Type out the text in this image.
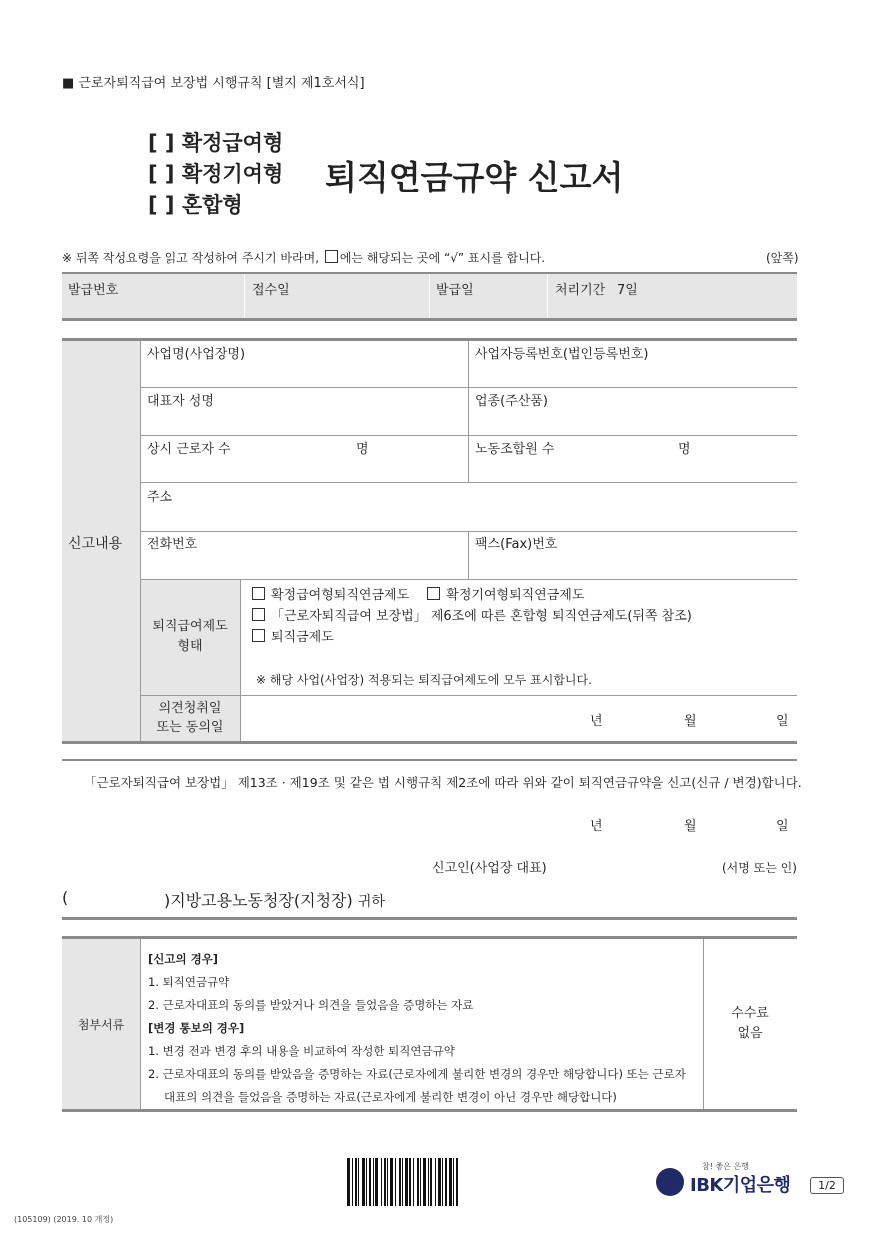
■ 근로자퇴직급여 보장법 시행규칙 [별지 제1호서식]
[ ] 확정급여형
[ ] 확정기여형
[ ] 혼합형
퇴직연금규약 신고서
※ 뒤쪽 작성요령을 읽고 작성하여 주시기 바라며, 에는 해당되는 곳에 “√” 표시를 합니다.	(앞쪽)
발급번호	접수일	발급일	처리기간 7일
신고내용
사업명(사업장명)	사업자등록번호(법인등록번호)
대표자 성명	업종(주산품)
상시 근로자 수	명	노동조합원 수	명
주소
전화번호	팩스(Fax)번호
퇴직급여제도
형태
확정급여형퇴직연금제도	확정기여형퇴직연금제도
「근로자퇴직급여 보장법」 제6조에 따른 혼합형 퇴직연금제도(뒤쪽 참조)
퇴직금제도
※ 해당 사업(사업장) 적용되는 퇴직급여제도에 모두 표시합니다.
의견청취일
또는 동의일	년	월	일
「근로자퇴직급여 보장법」 제13조 · 제19조 및 같은 법 시행규칙 제2조에 따라 위와 같이 퇴직연금규약을 신고(신규 / 변경)합니다.
년	월	일
신고인(사업장 대표)	(서명 또는 인)
(	)지방고용노동청장(지청장) 귀하
첨부서류
[신고의 경우]
1. 퇴직연금규약
2. 근로자대표의 동의를 받았거나 의견을 들었음을 증명하는 자료
[변경 통보의 경우]
1. 변경 전과 변경 후의 내용을 비교하여 작성한 퇴직연금규약
2. 근로자대표의 동의를 받았음을 증명하는 자료(근로자에게 불리한 변경의 경우만 해당합니다) 또는 근로자
대표의 의견을 들었음을 증명하는 자료(근로자에게 불리한 변경이 아닌 경우만 해당합니다)
수수료
없음
참! 좋은 은행
IBK기업은행	1/2
(105109) (2019. 10 개정)
